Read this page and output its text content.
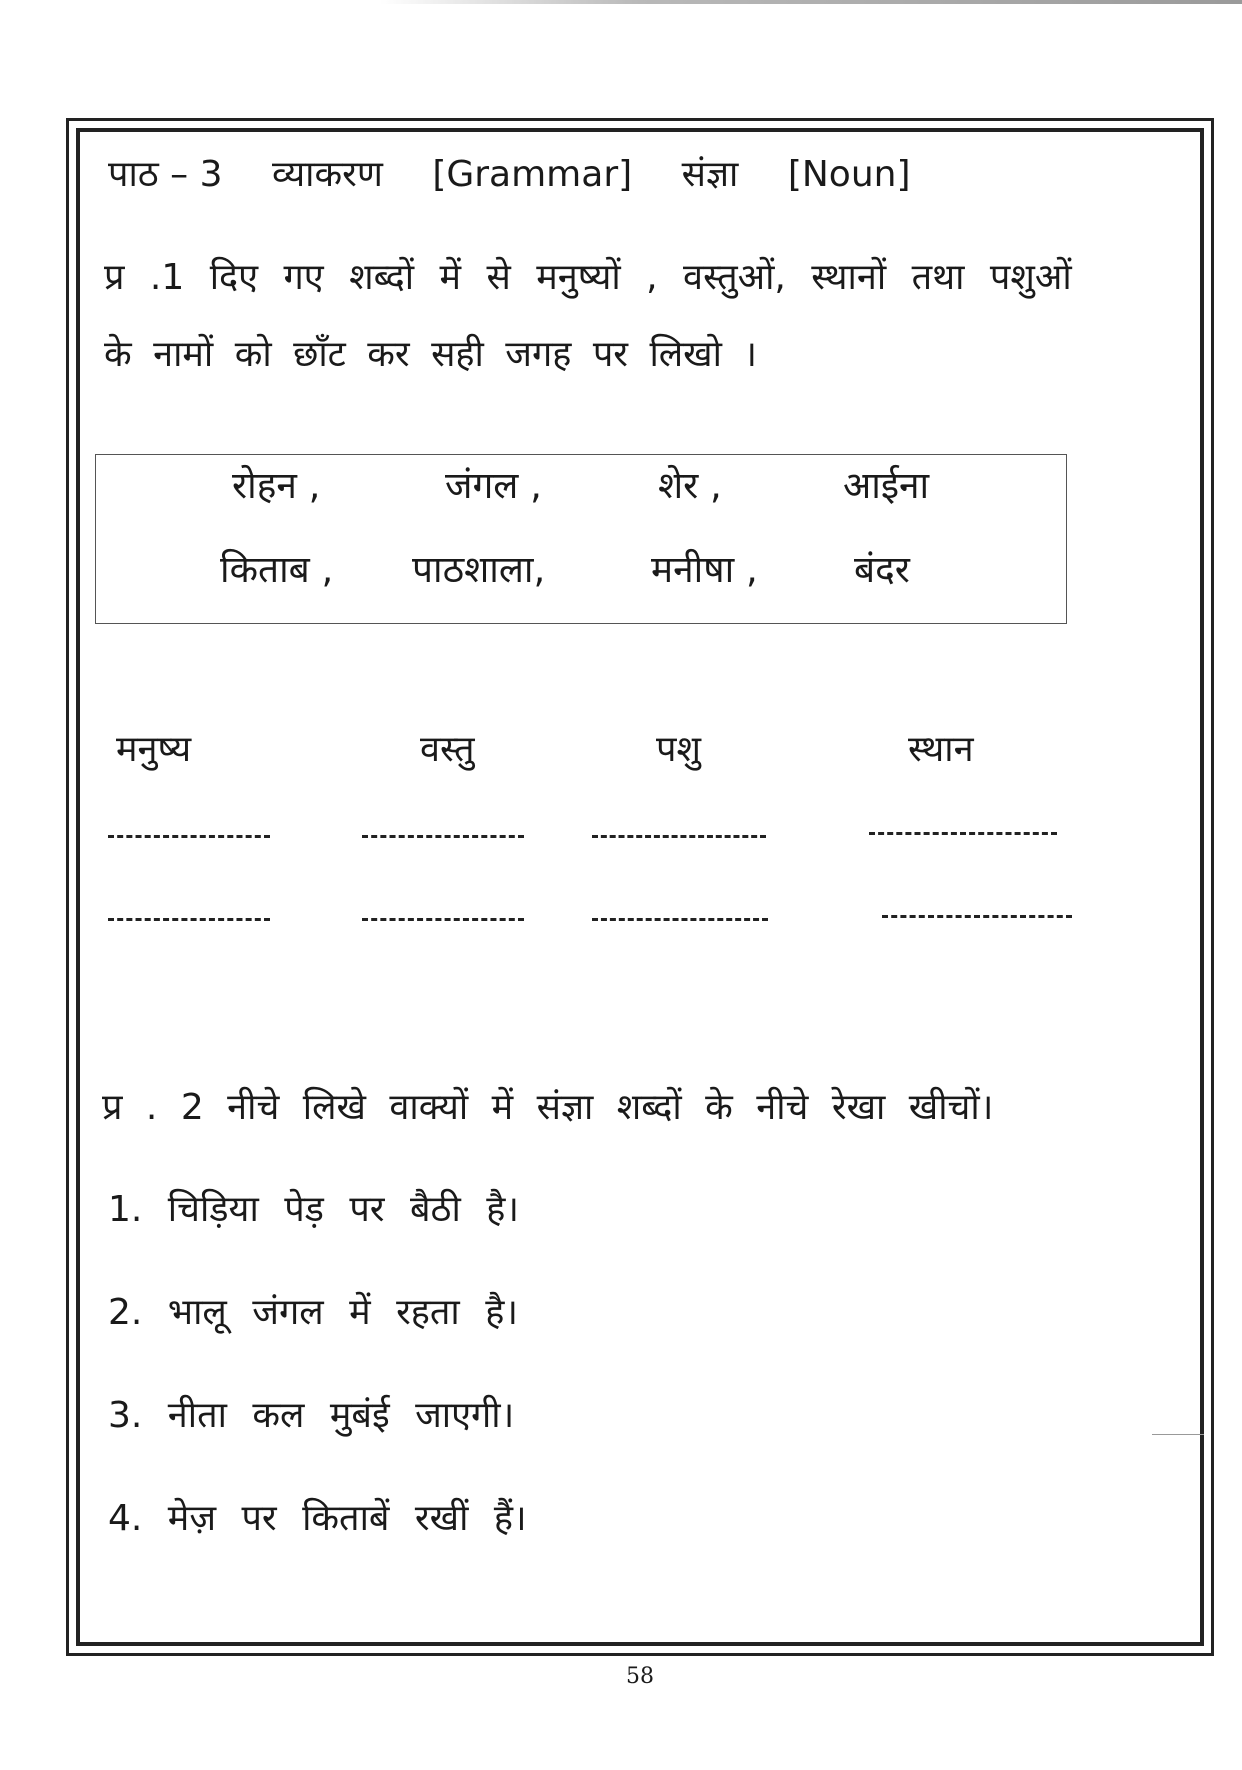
पाठ – 3 व्याकरण [Grammar] संज्ञा [Noun]
प्र .1 दिए गए शब्दों में से मनुष्यों , वस्तुओं, स्थानों तथा पशुओं
के नामों को छाँट कर सही जगह पर लिखो ।
रोहन ,	जंगल ,	शेर ,	आईना
किताब , पाठशाला,	मनीषा ,	बंदर
मनुष्य	वस्तु	पशु	स्थान
प्र . 2 नीचे लिखे वाक्यों में संज्ञा शब्दों के नीचे रेखा खीचों।
1. चिड़िया पेड़ पर बैठी है।
2. भालू जंगल में रहता है।
3. नीता कल मुबंई जाएगी।
4. मेज़ पर किताबें रखीं हैं।
58
